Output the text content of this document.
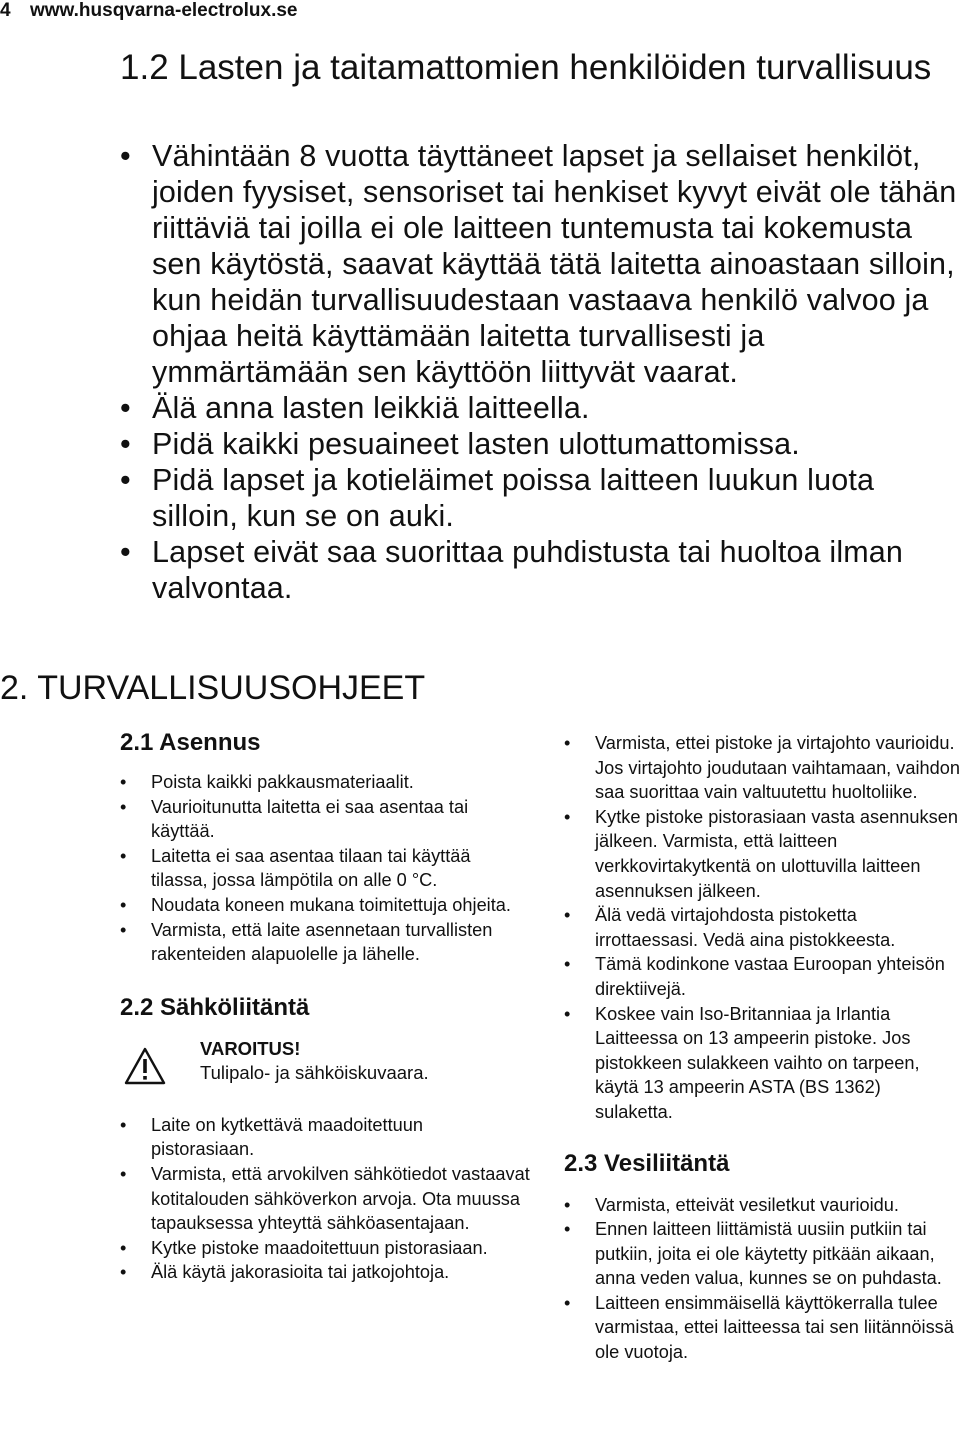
4 www.husqvarna-electrolux.se
1.2 Lasten ja taitamattomien henkilöiden turvallisuus
• Vähintään 8 vuotta täyttäneet lapset ja sellaiset henkilöt, joiden fyysiset, sensoriset tai henkiset kyvyt eivät ole tähän riittäviä tai joilla ei ole laitteen tuntemusta tai kokemusta sen käytöstä, saavat käyttää tätä laitetta ainoastaan silloin, kun heidän turvallisuudestaan vastaava henkilö valvoo ja ohjaa heitä käyttämään laitetta turvallisesti ja ymmärtämään sen käyttöön liittyvät vaarat.
• Älä anna lasten leikkiä laitteella.
• Pidä kaikki pesuaineet lasten ulottumattomissa.
• Pidä lapset ja kotieläimet poissa laitteen luukun luota silloin, kun se on auki.
• Lapset eivät saa suorittaa puhdistusta tai huoltoa ilman valvontaa.
2. TURVALLISUUSOHJEET
2.1 Asennus
• Poista kaikki pakkausmateriaalit.
• Vaurioitunutta laitetta ei saa asentaa tai käyttää.
• Laitetta ei saa asentaa tilaan tai käyttää tilassa, jossa lämpötila on alle 0 °C.
• Noudata koneen mukana toimitettuja ohjeita.
• Varmista, että laite asennetaan turvallisten rakenteiden alapuolelle ja lähelle.
2.2 Sähköliitäntä
VAROITUS!
Tulipalo- ja sähköiskuvaara.
• Laite on kytkettävä maadoitettuun pistorasiaan.
• Varmista, että arvokilven sähkötiedot vastaavat kotitalouden sähköverkon arvoja. Ota muussa tapauksessa yhteyttä sähköasentajaan.
• Kytke pistoke maadoitettuun pistorasiaan.
• Älä käytä jakorasioita tai jatkojohtoja.
• Varmista, ettei pistoke ja virtajohto vaurioidu. Jos virtajohto joudutaan vaihtamaan, vaihdon saa suorittaa vain valtuutettu huoltoliike.
• Kytke pistoke pistorasiaan vasta asennuksen jälkeen. Varmista, että laitteen verkkovirtakytkentä on ulottuvilla laitteen asennuksen jälkeen.
• Älä vedä virtajohdosta pistoketta irrottaessasi. Vedä aina pistokkeesta.
• Tämä kodinkone vastaa Euroopan yhteisön direktiivejä.
• Koskee vain Iso-Britanniaa ja Irlantia Laitteessa on 13 ampeerin pistoke. Jos pistokkeen sulakkeen vaihto on tarpeen, käytä 13 ampeerin ASTA (BS 1362) sulaketta.
2.3 Vesiliitäntä
• Varmista, etteivät vesiletkut vaurioidu.
• Ennen laitteen liittämistä uusiin putkiin tai putkiin, joita ei ole käytetty pitkään aikaan, anna veden valua, kunnes se on puhdasta.
• Laitteen ensimmäisellä käyttökerralla tulee varmistaa, ettei laitteessa tai sen liitännöissä ole vuotoja.
